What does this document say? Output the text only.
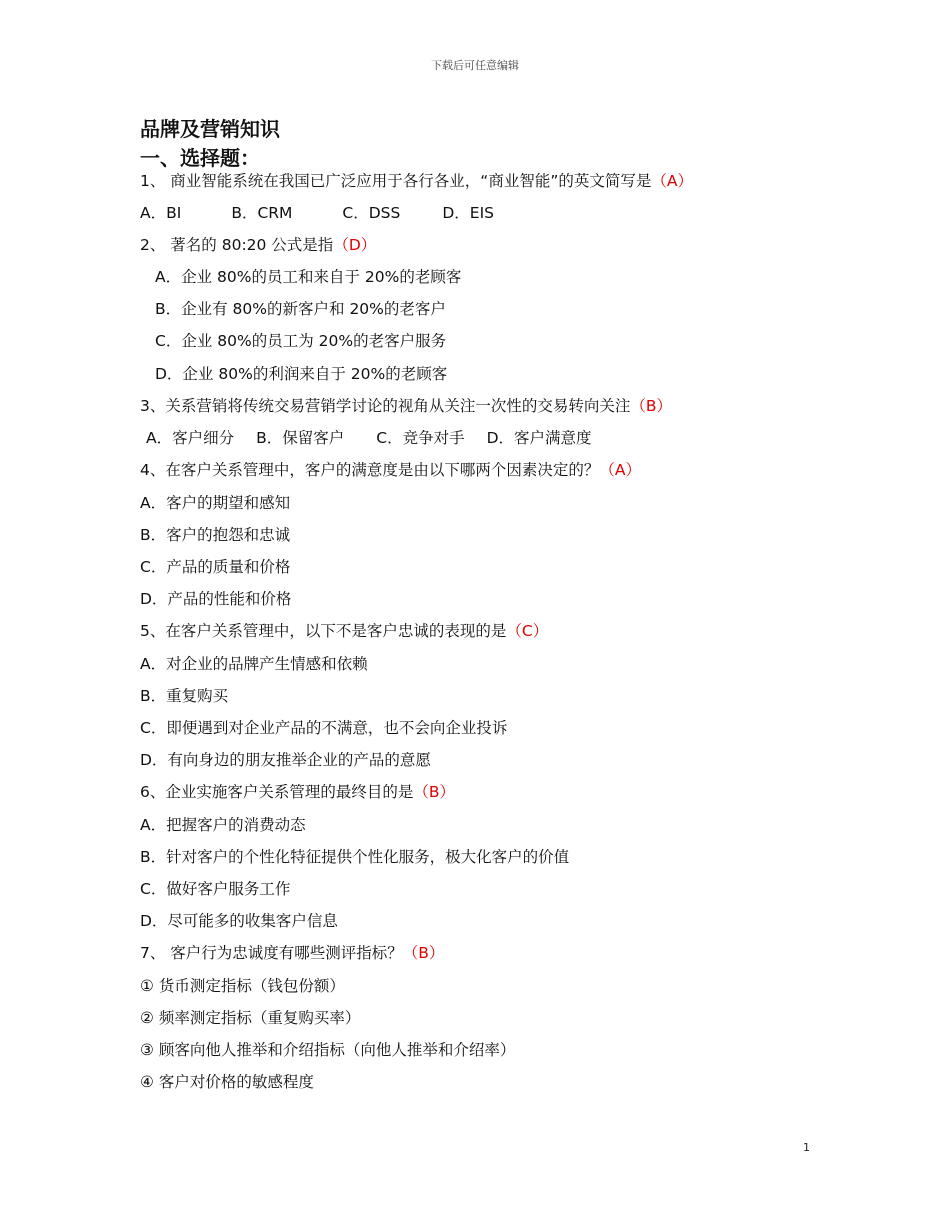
下载后可任意编辑
品牌及营销知识
一、选择题：
1、 商业智能系统在我国已广泛应用于各行各业，“商业智能”的英文简写是（A）
A．BI	B．CRM	C．DSS	D．EIS
2、 著名的 80:20 公式是指（D）
A．企业 80%的员工和来自于 20%的老顾客
B．企业有 80%的新客户和 20%的老客户
C．企业 80%的员工为 20%的老客户服务
D．企业 80%的利润来自于 20%的老顾客
3、关系营销将传统交易营销学讨论的视角从关注一次性的交易转向关注（B）
A．客户细分 B．保留客户 C．竞争对手 D．客户满意度
4、在客户关系管理中，客户的满意度是由以下哪两个因素决定的？（A）
A．客户的期望和感知
B．客户的抱怨和忠诚
C．产品的质量和价格
D．产品的性能和价格
5、在客户关系管理中，以下不是客户忠诚的表现的是（C）
A．对企业的品牌产生情感和依赖
B．重复购买
C．即便遇到对企业产品的不满意，也不会向企业投诉
D．有向身边的朋友推举企业的产品的意愿
6、企业实施客户关系管理的最终目的是（B）
A．把握客户的消费动态
B．针对客户的个性化特征提供个性化服务，极大化客户的价值
C．做好客户服务工作
D．尽可能多的收集客户信息
7、 客户行为忠诚度有哪些测评指标？（B）
① 货币测定指标（钱包份额）
② 频率测定指标（重复购买率）
③ 顾客向他人推举和介绍指标（向他人推举和介绍率）
④ 客户对价格的敏感程度
1
